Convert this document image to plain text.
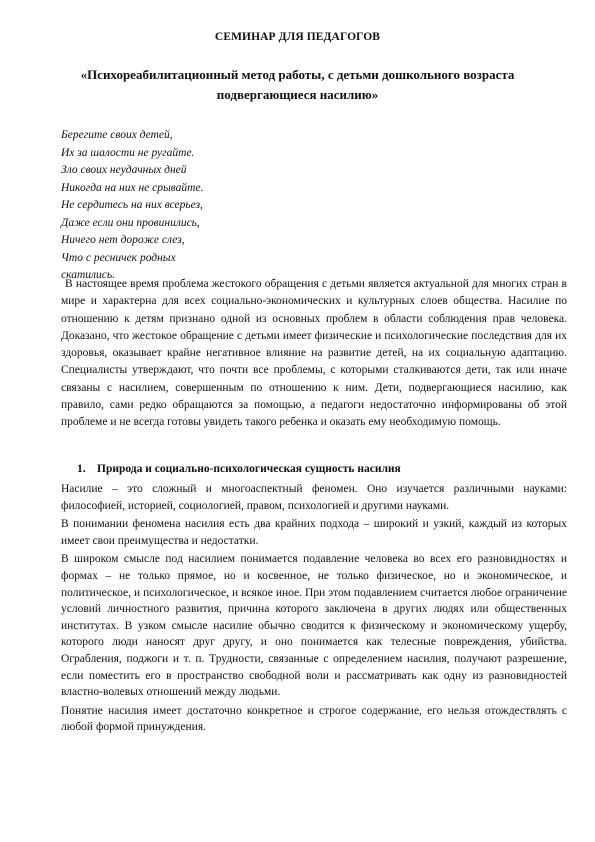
СЕМИНАР ДЛЯ ПЕДАГОГОВ
«Психореабилитационный метод работы, с детьми дошкольного возраста подвергающиеся насилию»
Берегите своих детей,
Их за шалости не ругайте.
Зло своих неудачных дней
Никогда на них не срывайте.
Не сердитесь на них всерьез,
Даже если они провинились,
Ничего нет дороже слез,
Что с ресничек родных
скатились.

В настоящее время проблема жестокого обращения с детьми является актуальной для многих стран в мире и характерна для всех социально-экономических и культурных слоев общества. Насилие по отношению к детям признано одной из основных проблем в области соблюдения прав человека. Доказано, что жестокое обращение с детьми имеет физические и психологические последствия для их здоровья, оказывает крайне негативное влияние на развитие детей, на их социальную адаптацию. Специалисты утверждают, что почти все проблемы, с которыми сталкиваются дети, так или иначе связаны с насилием, совершенным по отношению к ним. Дети, подвергающиеся насилию, как правило, сами редко обращаются за помощью, а педагоги недостаточно информированы об этой проблеме и не всегда готовы увидеть такого ребенка и оказать ему необходимую помощь.

1. Природа и социально-психологическая сущность насилия

Насилие – это сложный и многоаспектный феномен. Оно изучается различными науками: философией, историей, социологией, правом, психологией и другими науками.

В понимании феномена насилия есть два крайних подхода – широкий и узкий, каждый из которых имеет свои преимущества и недостатки.

В широком смысле под насилием понимается подавление человека во всех его разновидностях и формах – не только прямое, но и косвенное, не только физическое, но и экономическое, и политическое, и психологическое, и всякое иное. При этом подавлением считается любое ограничение условий личностного развития, причина которого заключена в других людях или общественных институтах. В узком смысле насилие обычно сводится к физическому и экономическому ущербу, которого люди наносят друг другу, и оно понимается как телесные повреждения, убийства. Ограбления, поджоги и т. п. Трудности, связанные с определением насилия, получают разрешение, если поместить его в пространство свободной воли и рассматривать как одну из разновидностей властно-волевых отношений между людьми.

Понятие насилия имеет достаточно конкретное и строгое содержание, его нельзя отождествлять с любой формой принуждения.
